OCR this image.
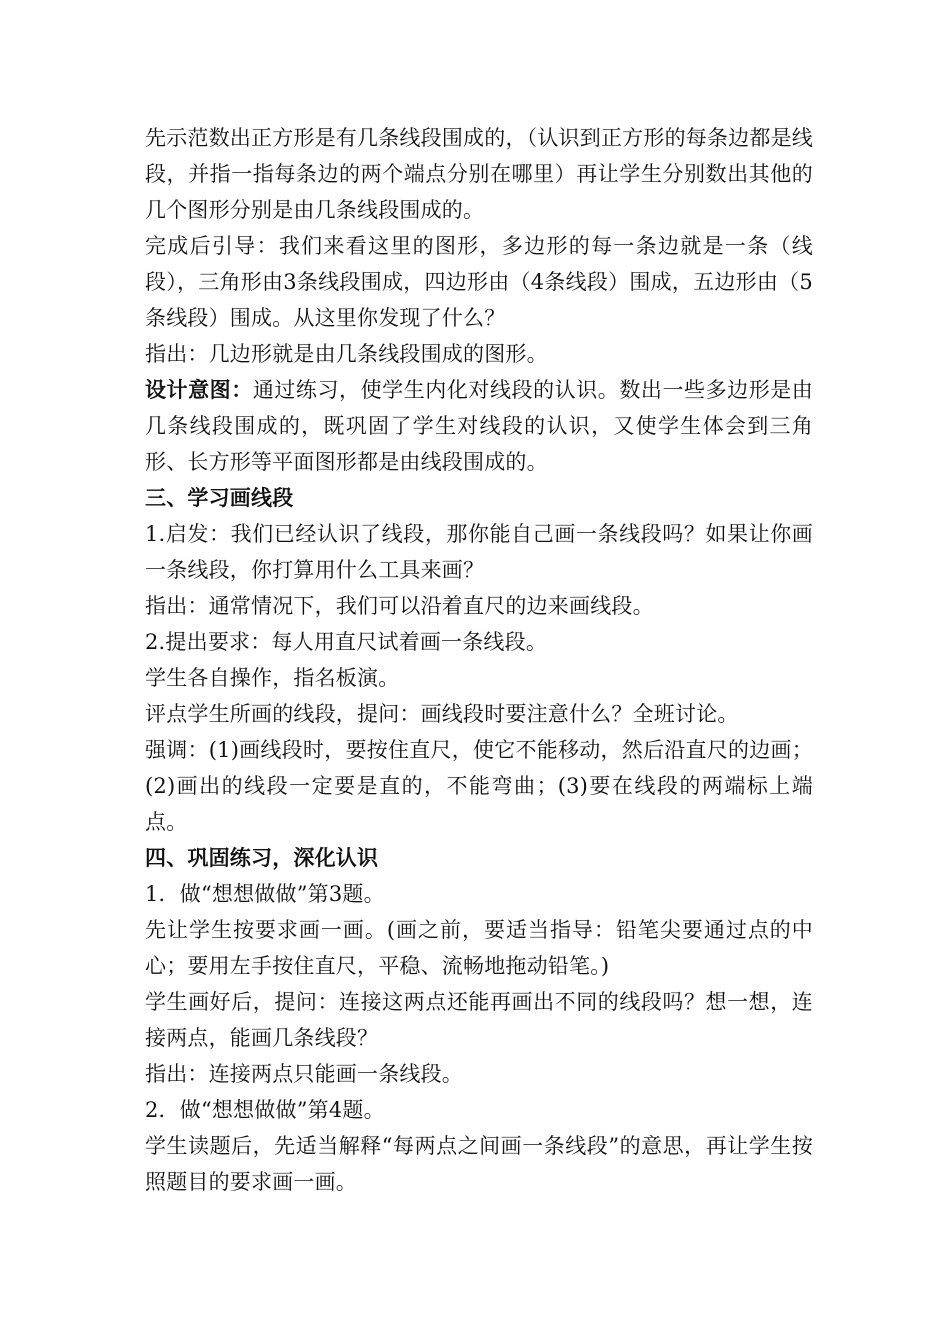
先示范数出正方形是有几条线段围成的，（认识到正方形的每条边都是线段，并指一指每条边的两个端点分别在哪里）再让学生分别数出其他的几个图形分别是由几条线段围成的。

完成后引导：我们来看这里的图形，多边形的每一条边就是一条（线段），三角形由3条线段围成，四边形由（4条线段）围成，五边形由（5条线段）围成。从这里你发现了什么？

指出：几边形就是由几条线段围成的图形。

设计意图：通过练习，使学生内化对线段的认识。数出一些多边形是由几条线段围成的，既巩固了学生对线段的认识，又使学生体会到三角形、长方形等平面图形都是由线段围成的。

三、学习画线段

1.启发：我们已经认识了线段，那你能自己画一条线段吗？如果让你画一条线段，你打算用什么工具来画？

指出：通常情况下，我们可以沿着直尺的边来画线段。

2.提出要求：每人用直尺试着画一条线段。

学生各自操作，指名板演。

评点学生所画的线段，提问：画线段时要注意什么？全班讨论。

强调：(1)画线段时，要按住直尺，使它不能移动，然后沿直尺的边画；(2)画出的线段一定要是直的，不能弯曲；(3)要在线段的两端标上端点。

四、巩固练习，深化认识

1．做“想想做做”第3题。

先让学生按要求画一画。(画之前，要适当指导：铅笔尖要通过点的中心；要用左手按住直尺，平稳、流畅地拖动铅笔。)

学生画好后，提问：连接这两点还能再画出不同的线段吗？想一想，连接两点，能画几条线段？

指出：连接两点只能画一条线段。

2．做“想想做做”第4题。

学生读题后，先适当解释“每两点之间画一条线段”的意思，再让学生按照题目的要求画一画。
